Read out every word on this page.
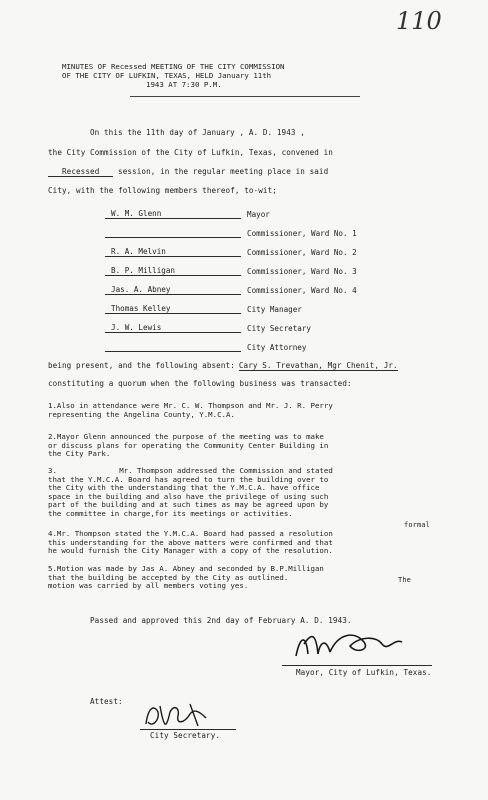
110
MINUTES OF Recessed MEETING OF THE CITY COMMISSION
OF THE CITY OF LUFKIN, TEXAS, HELD January 11th
1943 AT 7:30 P.M.
On this the 11th day of January , A. D. 1943 ,
the City Commission of the City of Lufkin, Texas, convened in
Recessed session, in the regular meeting place in said
City, with the following members thereof, to-wit;
W. M. Glenn	Mayor
Commissioner, Ward No. 1
R. A. Melvin	Commissioner, Ward No. 2
B. P. Milligan	Commissioner, Ward No. 3
Jas. A. Abney	Commissioner, Ward No. 4
Thomas Kelley	City Manager
J. W. Lewis	City Secretary
City Attorney
being present, and the following absent: Cary S. Trevathan, Mgr Chenit, Jr.
constituting a quorum when the following business was transacted:
1.Also in attendance were Mr. C. W. Thompson and Mr. J. R. Perry
representing the Angelina County, Y.M.C.A.
2.Mayor Glenn announced the purpose of the meeting was to make
or discuss plans for operating the Community Center Building in
the City Park.
3.              Mr. Thompson addressed the Commission and stated
that the Y.M.C.A. Board has agreed to turn the building over to
the City with the understanding that the Y.M.C.A. have office
space in the building and also have the privilege of using such
part of the building and at such times as may be agreed upon by
the committee in charge,for its meetings or activities.
formal
4.Mr. Thompson stated the Y.M.C.A. Board had passed a resolution
this understanding for the above matters were confirmed and that
he would furnish the City Manager with a copy of the resolution.
The
5.Motion was made by Jas A. Abney and seconded by B.P.Milligan
that the building be accepted by the City as outlined.
motion was carried by all members voting yes.
Passed and approved this 2nd day of February A. D. 1943.
Mayor, City of Lufkin, Texas.
Attest:
City Secretary.
